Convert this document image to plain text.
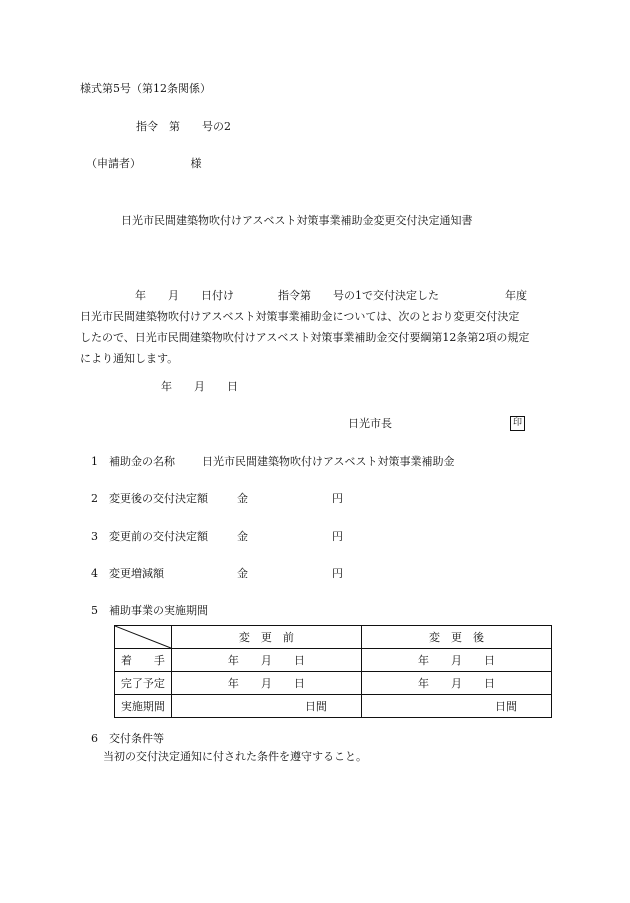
様式第5号（第12条関係）
指令　第　　号の2
（申請者）　　　　　様
日光市民間建築物吹付けアスベスト対策事業補助金変更交付決定通知書
　　　　　年　　月　　日付け　　　　指令第　　号の1で交付決定した　　　　　　年度
日光市民間建築物吹付けアスベスト対策事業補助金については、次のとおり変更交付決定
したので、日光市民間建築物吹付けアスベスト対策事業補助金交付要綱第12条第2項の規定
により通知します。
年　　月　　日
日光市長	印
1 補助金の名称 日光市民間建築物吹付けアスベスト対策事業補助金
2 変更後の交付決定額	金	円
3 変更前の交付決定額	金	円
4 変更増減額	金	円
5 補助事業の実施期間
	変　更　前	変　更　後
着　　手	年　　月　　日	年　　月　　日
完了予定	年　　月　　日	年　　月　　日
実施期間	日間	日間
6 交付条件等
当初の交付決定通知に付された条件を遵守すること。
